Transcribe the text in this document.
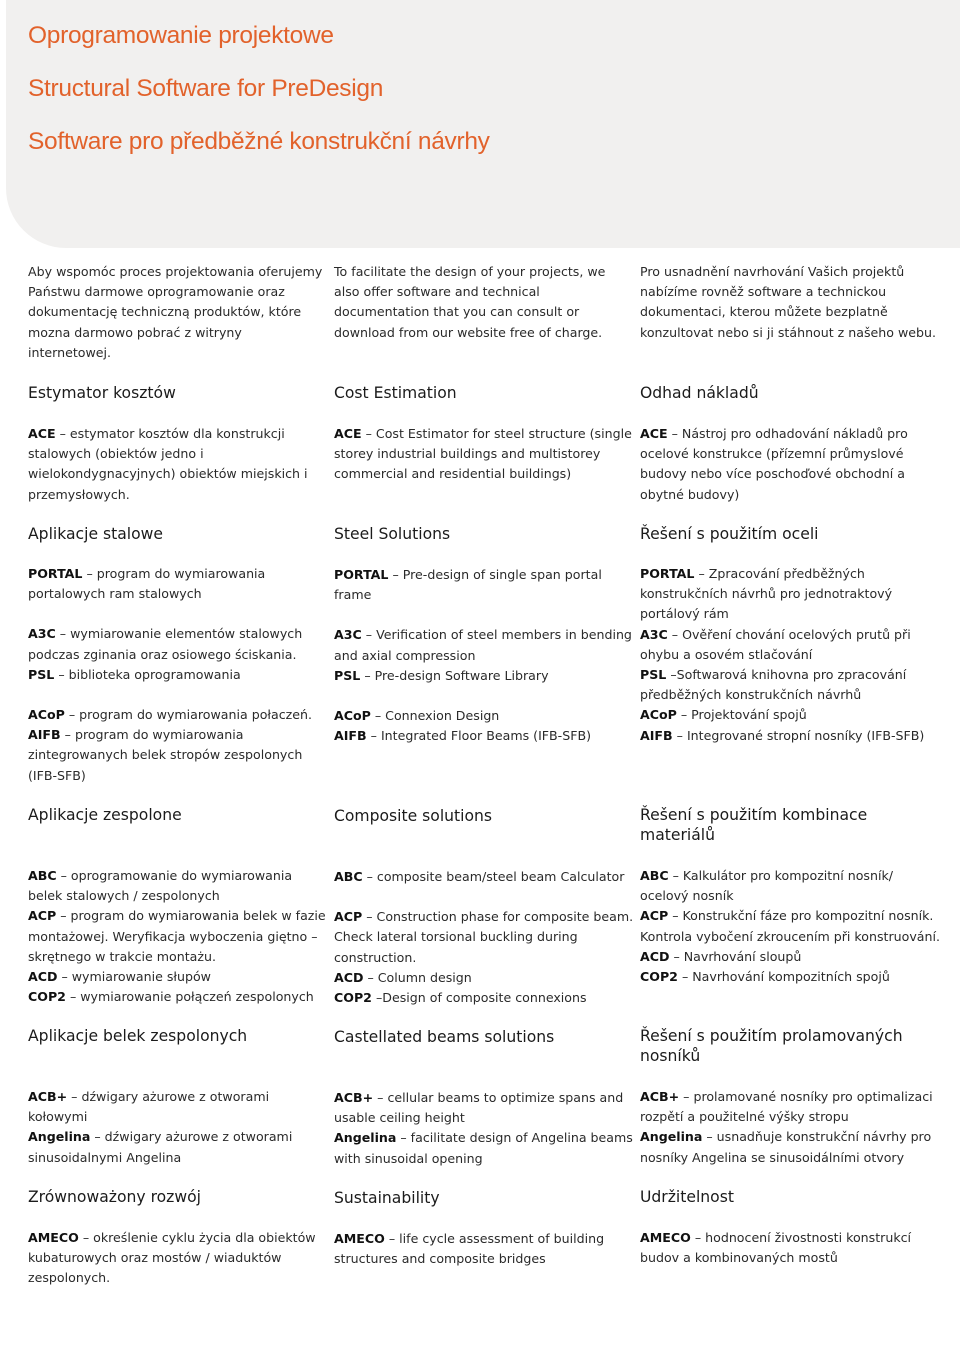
Oprogramowanie projektowe
Structural Software for PreDesign
Software pro předběžné konstrukční návrhy

Aby wspomóc proces projektowania oferujemy Państwu darmowe oprogramowanie oraz dokumentację techniczną produktów, które mozna darmowo pobrać z witryny internetowej.

To facilitate the design of your projects, we also offer software and technical documentation that you can consult or download from our website free of charge.

Pro usnadnění navrhování Vašich projektů nabízíme rovněž software a technickou dokumentaci, kterou můžete bezplatně konzultovat nebo si ji stáhnout z našeho webu.

Estymator kosztów	Cost Estimation	Odhad nákladů

ACE – estymator kosztów dla konstrukcji stalowych (obiektów jedno i wielokondygnacyjnych) obiektów miejskich i przemysłowych.

ACE – Cost Estimator for steel structure (single storey industrial buildings and multistorey commercial and residential buildings)

ACE – Nástroj pro odhadování nákladů pro ocelové konstrukce (přízemní průmyslové budovy nebo více poschoďové obchodní a obytné budovy)

Aplikacje stalowe	Steel Solutions	Řešení s použitím oceli

PORTAL – program do wymiarowania portalowych ram stalowych

A3C – wymiarowanie elementów stalowych podczas zginania oraz osiowego ściskania.

PSL – biblioteka oprogramowania

ACoP – program do wymiarowania połaczeń.

AIFB – program do wymiarowania zintegrowanych belek stropów zespolonych (IFB-SFB)

PORTAL – Pre-design of single span portal frame

A3C – Verification of steel members in bending and axial compression

PSL – Pre-design Software Library

ACoP – Connexion Design

AIFB – Integrated Floor Beams (IFB-SFB)

PORTAL – Zpracování předběžných konstrukčních návrhů pro jednotraktový portálový rám

A3C – Ověření chování ocelových prutů při ohybu a osovém stlačování

PSL –Softwarová knihovna pro zpracování předběžných konstrukčních návrhů

ACoP – Projektování spojů

AIFB – Integrované stropní nosníky (IFB-SFB)

Aplikacje zespolone	Composite solutions	Řešení s použitím kombinace materiálů

ABC – oprogramowanie do wymiarowania belek stalowych / zespolonych

ACP – program do wymiarowania belek w fazie montażowej. Weryfikacja wyboczenia giętno – skrętnego w trakcie montażu.

ACD – wymiarowanie słupów

COP2 – wymiarowanie połączeń zespolonych

ABC – composite beam/steel beam Calculator

ACP – Construction phase for composite beam. Check lateral torsional buckling during construction.

ACD – Column design

COP2 –Design of composite connexions

ABC – Kalkulátor pro kompozitní nosník/ ocelový nosník

ACP – Konstrukční fáze pro kompozitní nosník. Kontrola vybočení zkroucením při konstruování.

ACD – Navrhování sloupů

COP2 – Navrhování kompozitních spojů

Aplikacje belek zespolonych	Castellated beams solutions	Řešení s použitím prolamovaných nosníků

ACB+ – dźwigary ażurowe z otworami kołowymi

Angelina – dźwigary ażurowe z otworami sinusoidalnymi Angelina

ACB+ – cellular beams to optimize spans and usable ceiling height

Angelina – facilitate design of Angelina beams with sinusoidal opening

ACB+ – prolamované nosníky pro optimalizaci rozpětí a použitelné výšky stropu

Angelina – usnadňuje konstrukční návrhy pro nosníky Angelina se sinusoidálními otvory

Zrównoważony rozwój	Sustainability	Udržitelnost

AMECO – określenie cyklu życia dla obiektów kubaturowych oraz mostów / wiaduktów zespolonych.

AMECO – life cycle assessment of building structures and composite bridges

AMECO – hodnocení živostnosti konstrukcí budov a kombinovaných mostů
